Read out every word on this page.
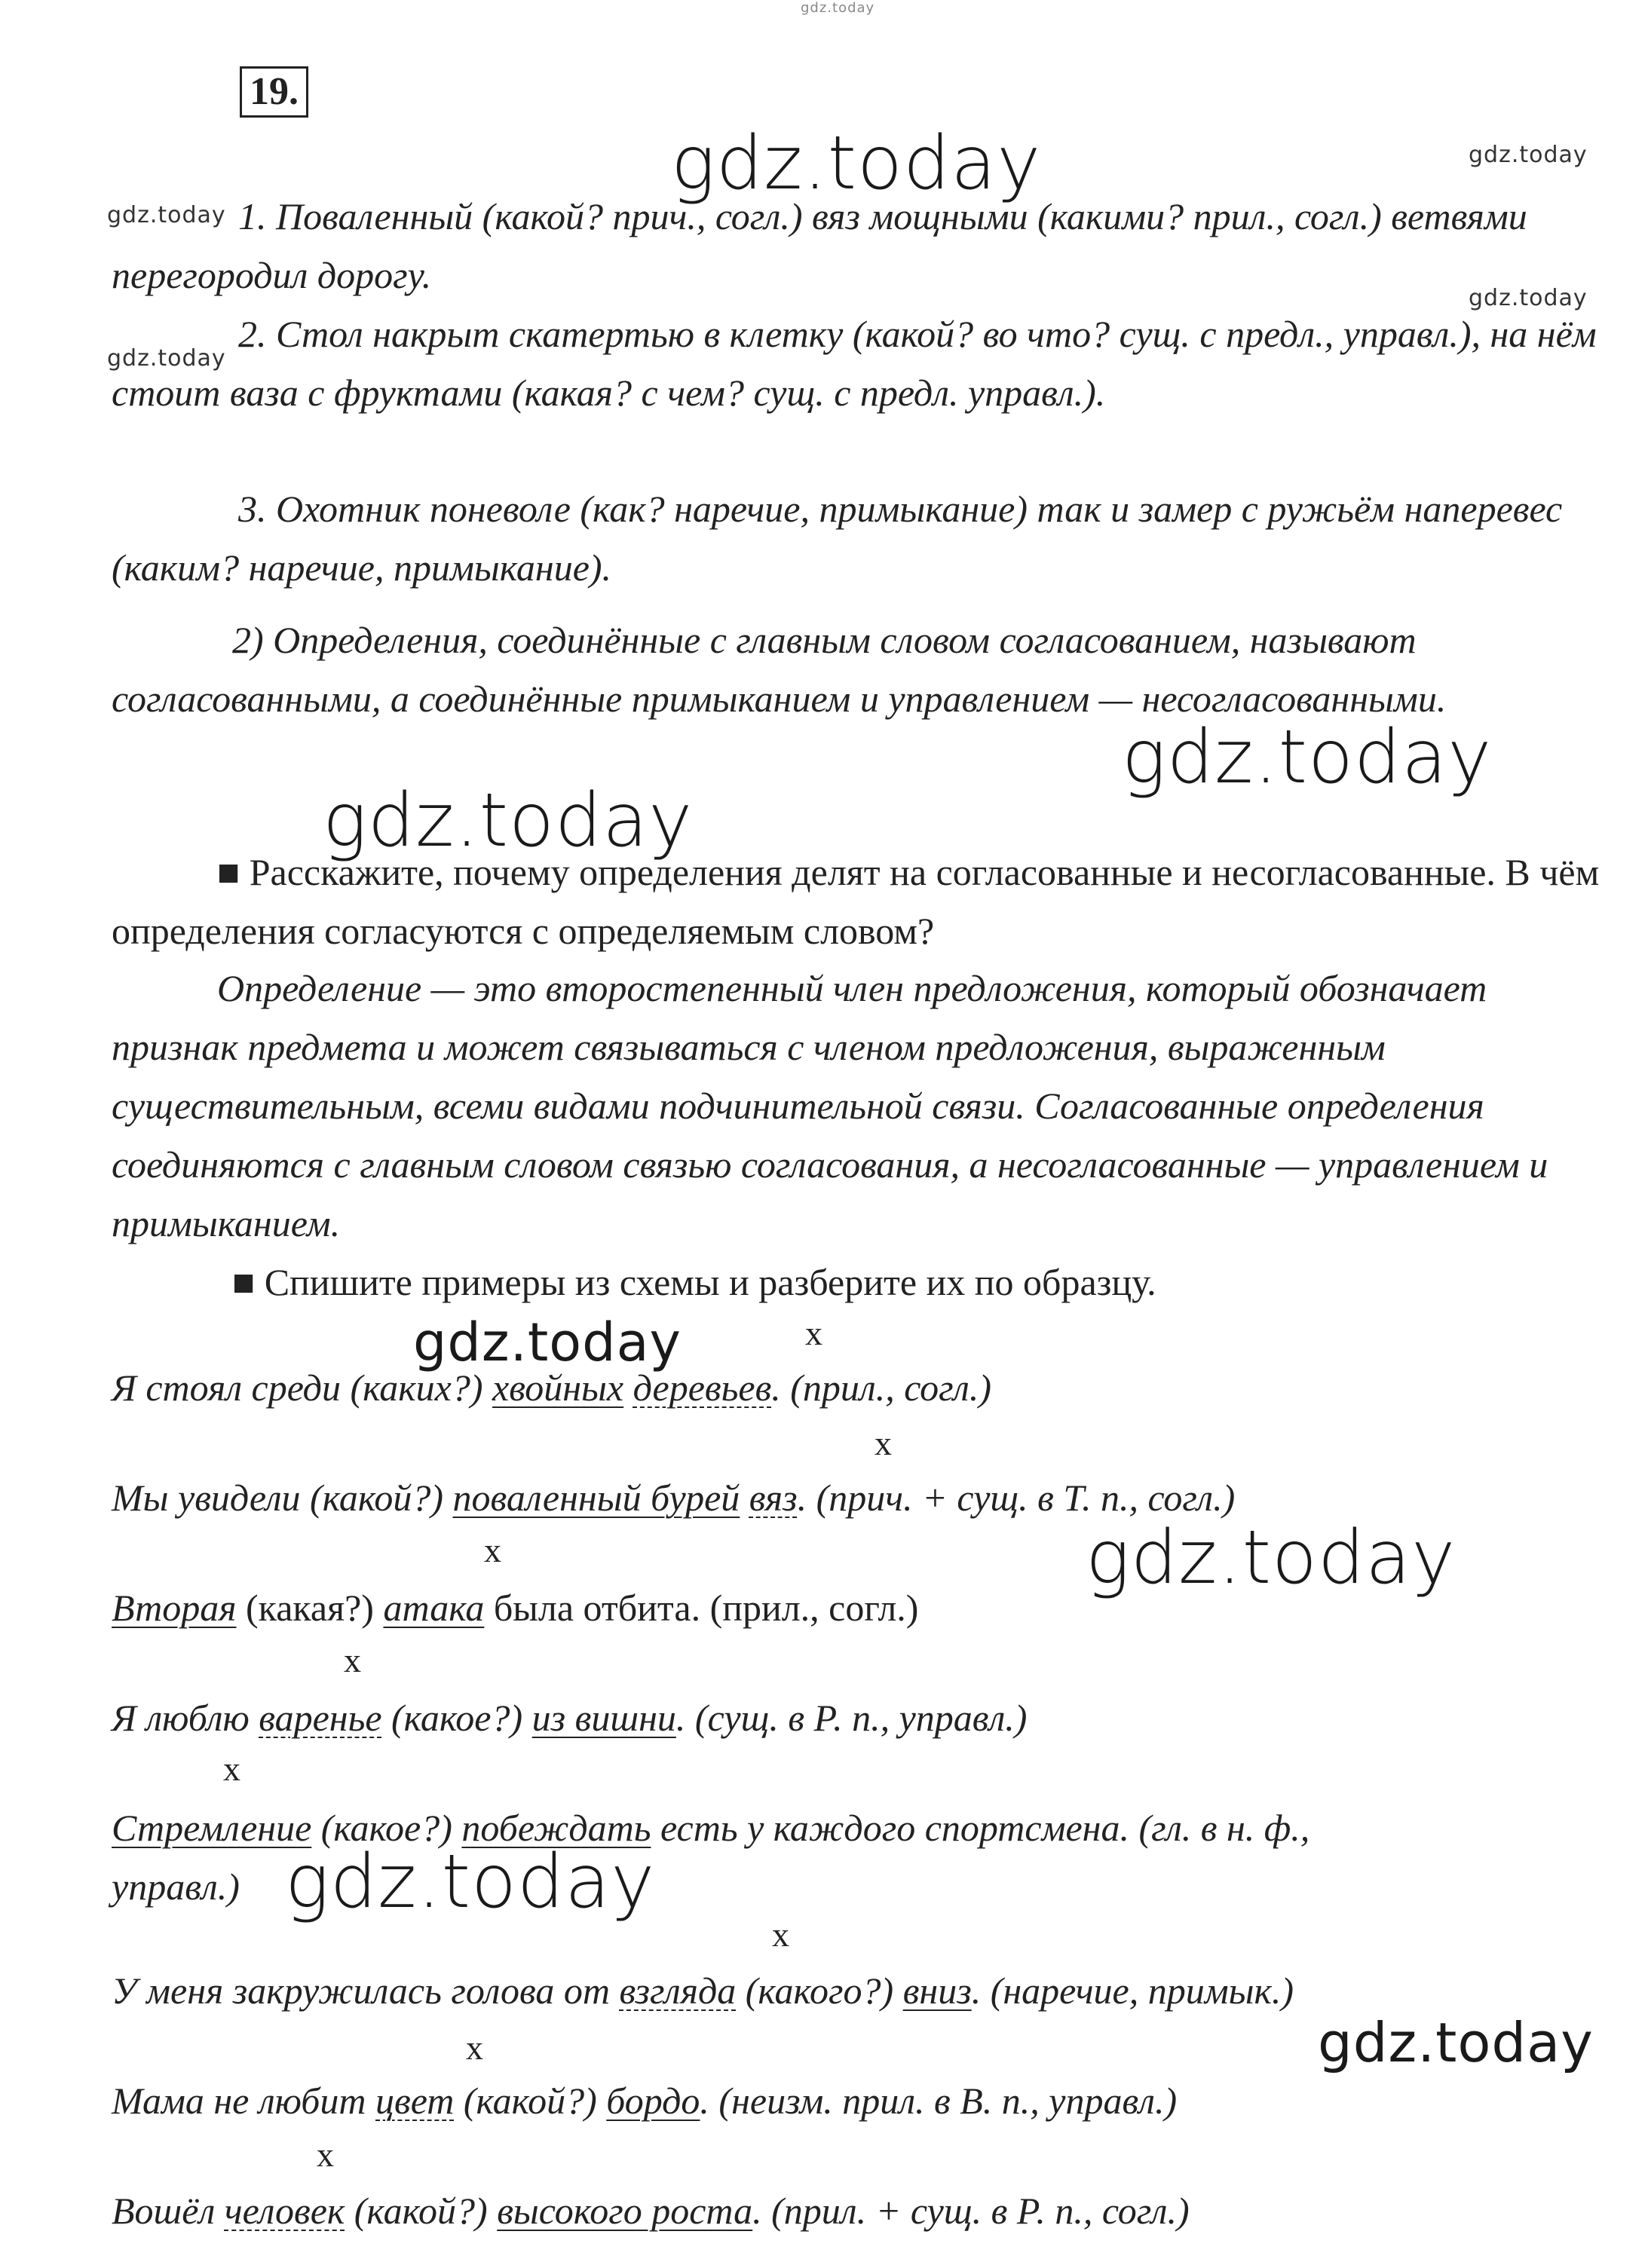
gdz.today
19.
gdz.today	gdz.today
gdz.today
gdz.today
gdz.today
gdz.today
gdz.today
gdz.today
gdz.today
gdz.today
gdz.today
1. Поваленный (какой? прич., согл.) вяз мощными (какими? прил., согл.) ветвями перегородил дорогу.
2. Стол накрыт скатертью в клетку (какой? во что? сущ. с предл., управл.), на нём стоит ваза с фруктами (какая? с чем? сущ. с предл. управл.).
3. Охотник поневоле (как? наречие, примыкание) так и замер с ружьём наперевес (каким? наречие, примыкание).
2) Определения, соединённые с главным словом согласованием, называют согласованными, а соединённые примыканием и управлением — несогласованными.
■ Расскажите, почему определения делят на согласованные и несогласованные. В чём определения согласуются с определяемым словом?
Определение — это второстепенный член предложения, который обозначает признак предмета и может связываться с членом предложения, выраженным существительным, всеми видами подчинительной связи. Согласованные определения соединяются с главным словом связью согласования, а несогласованные — управлением и примыканием.
■ Спишите примеры из схемы и разберите их по образцу.
x
x
x
x
x
x
x
x
Я стоял среди (каких?) хвойных деревьев. (прил., согл.)
Мы увидели (какой?) поваленный бурей вяз. (прич. + сущ. в Т. п., согл.)
Вторая (какая?) атака была отбита. (прил., согл.)
Я люблю варенье (какое?) из вишни. (сущ. в Р. п., управл.)
Стремление (какое?) побеждать есть у каждого спортсмена. (гл. в н. ф.,
управл.)
У меня закружилась голова от взгляда (какого?) вниз. (наречие, примык.)
Мама не любит цвет (какой?) бордо. (неизм. прил. в В. п., управл.)
Вошёл человек (какой?) высокого роста. (прил. + сущ. в Р. п., согл.)
